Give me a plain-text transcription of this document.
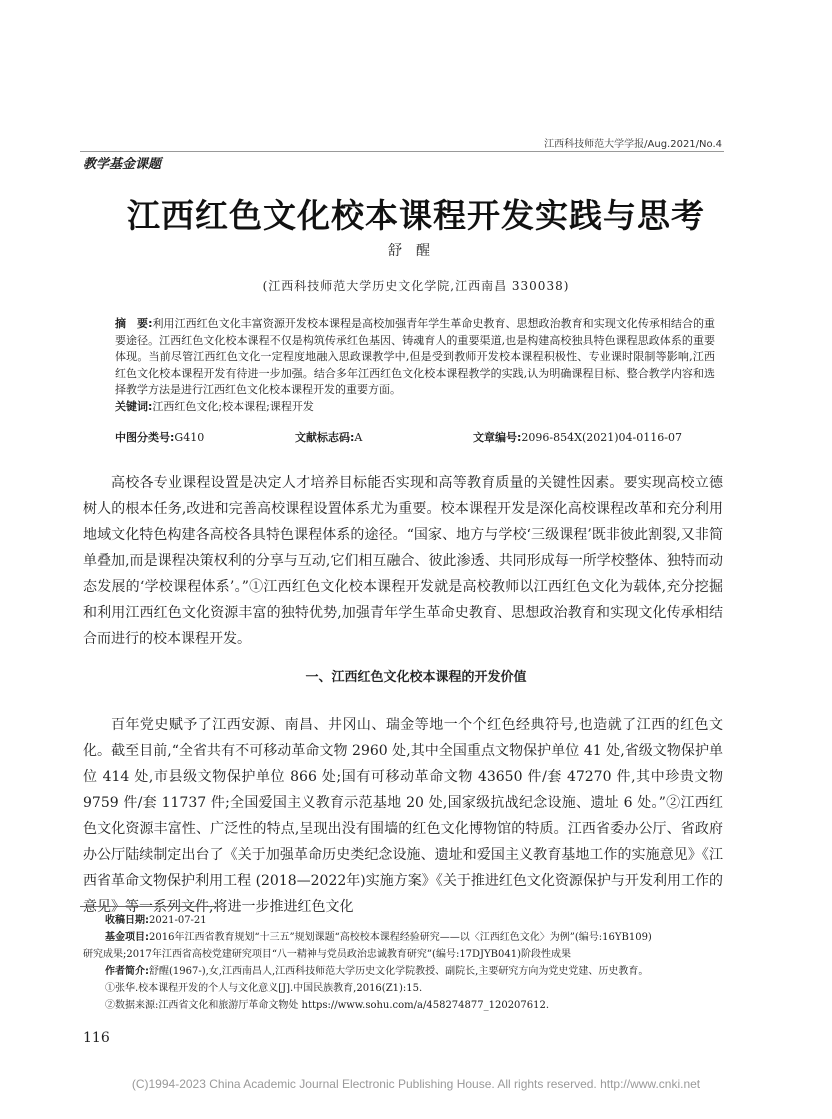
江西科技师范大学学报/Aug.2021/No.4
教学基金课题
江西红色文化校本课程开发实践与思考
舒醒
(江西科技师范大学历史文化学院,江西南昌 330038)
摘　要:利用江西红色文化丰富资源开发校本课程是高校加强青年学生革命史教育、思想政治教育和实现文化传承相结合的重要途径。江西红色文化校本课程不仅是构筑传承红色基因、铸魂育人的重要渠道,也是构建高校独具特色课程思政体系的重要体现。当前尽管江西红色文化一定程度地融入思政课教学中,但是受到教师开发校本课程积极性、专业课时限制等影响,江西红色文化校本课程开发有待进一步加强。结合多年江西红色文化校本课程教学的实践,认为明确课程目标、整合教学内容和选择教学方法是进行江西红色文化校本课程开发的重要方面。
关键词:江西红色文化;校本课程;课程开发
中图分类号:G410	文献标志码:A	文章编号:2096-854X(2021)04-0116-07

高校各专业课程设置是决定人才培养目标能否实现和高等教育质量的关键性因素。要实现高校立德树人的根本任务,改进和完善高校课程设置体系尤为重要。校本课程开发是深化高校课程改革和充分利用地域文化特色构建各高校各具特色课程体系的途径。“国家、地方与学校‘三级课程’既非彼此割裂,又非简单叠加,而是课程决策权利的分享与互动,它们相互融合、彼此渗透、共同形成每一所学校整体、独特而动态发展的‘学校课程体系’。”①江西红色文化校本课程开发就是高校教师以江西红色文化为载体,充分挖掘和利用江西红色文化资源丰富的独特优势,加强青年学生革命史教育、思想政治教育和实现文化传承相结合而进行的校本课程开发。

一、江西红色文化校本课程的开发价值

百年党史赋予了江西安源、南昌、井冈山、瑞金等地一个个红色经典符号,也造就了江西的红色文化。截至目前,“全省共有不可移动革命文物 2960 处,其中全国重点文物保护单位 41 处,省级文物保护单位 414 处,市县级文物保护单位 866 处;国有可移动革命文物 43650 件/套 47270 件,其中珍贵文物 9759 件/套 11737 件;全国爱国主义教育示范基地 20 处,国家级抗战纪念设施、遗址 6 处。”②江西红色文化资源丰富性、广泛性的特点,呈现出没有围墙的红色文化博物馆的特质。江西省委办公厅、省政府办公厅陆续制定出台了《关于加强革命历史类纪念设施、遗址和爱国主义教育基地工作的实施意见》《江西省革命文物保护利用工程 (2018—2022年)实施方案》《关于推进红色文化资源保护与开发利用工作的意见》等一系列文件,将进一步推进红色文化

收稿日期:2021-07-21
基金项目:2016年江西省教育规划“十三五”规划课题“高校校本课程经验研究——以〈江西红色文化〉为例”(编号:16YB109)
研究成果;2017年江西省高校党建研究项目“八一精神与党员政治忠诚教育研究”(编号:17DJYB041)阶段性成果
作者简介:舒醒(1967-),女,江西南昌人,江西科技师范大学历史文化学院教授、副院长,主要研究方向为党史党建、历史教育。
①张华.校本课程开发的个人与文化意义[J].中国民族教育,2016(Z1):15.
②数据来源:江西省文化和旅游厅革命文物处 https://www.sohu.com/a/458274877_120207612.
116
(C)1994-2023 China Academic Journal Electronic Publishing House. All rights reserved. http://www.cnki.net
